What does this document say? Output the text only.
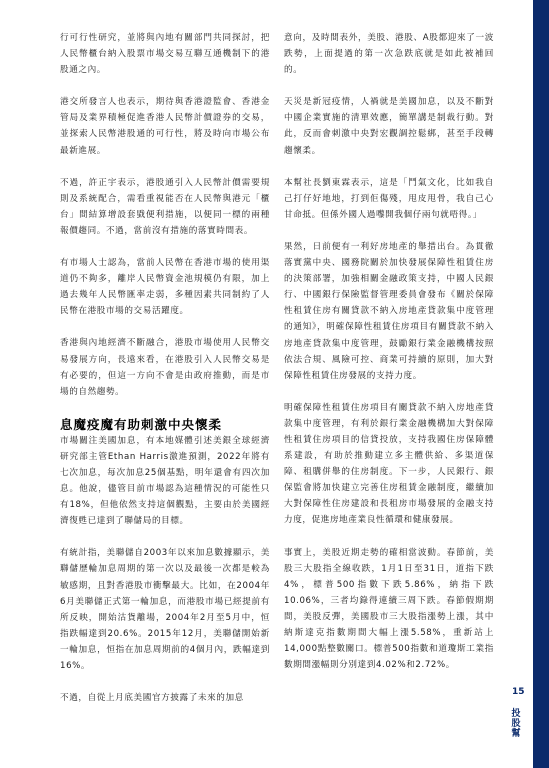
行可行性研究，並將與內地有關部門共同探討，把人民幣櫃台納入股票市場交易互聯互通機制下的港股通之內。

港交所發言人也表示，期待與香港證監會、香港金管局及業界積極促進香港人民幣計價證券的交易，並探索人民幣港股通的可行性，將及時向市場公布最新進展。

不過，許正宇表示，港股通引入人民幣計價需要規則及系統配合，需看重視能否在人民幣與港元「櫃台」間結算增設套戥便利措施，以便同一標的兩種報價趨同。不過，當前沒有措施的落實時間表。

有市場人士認為，當前人民幣在香港市場的使用渠道仍不夠多，離岸人民幣資金池規模仍有限，加上過去幾年人民幣匯率走弱，多種因素共同制約了人民幣在港股市場的交易活躍度。

香港與內地經濟不斷融合，港股市場使用人民幣交易發展方向，長遠來看，在港股引入人民幣交易是有必要的，但這一方向不會是由政府推動，而是市場的自然趨勢。

息魔疫魔有助刺激中央懷柔

市場關注美國加息，有本地媒體引述美銀全球經濟研究部主管Ethan Harris激進預測，2022年將有七次加息，每次加息25個基點，明年還會有四次加息。他說，儘管目前市場認為這種情況的可能性只有18%，但他依然支持這個觀點，主要由於美國經濟復甦已達到了聯儲局的目標。

有統計指，美聯儲自2003年以來加息數據顯示，美聯儲歷輪加息周期的第一次以及最後一次都是較為敏感期，且對香港股市衝擊最大。比如，在2004年6月美聯儲正式第一輪加息，而港股市場已經提前有所反映，開始沽貨離場，2004年2月至5月中，恒指跌幅達到20.6%。2015年12月，美聯儲開始新一輪加息，恒指在加息周期前的4個月內，跌幅達到16%。

不過，自從上月底美國官方披露了未來的加息

意向，及時間表外，美股、港股、A股都迎來了一波跌勢，上面提過的第一次急跌底就是如此被補回的。

天災是新冠疫情，人禍就是美國加息，以及不斷對中國企業實施的清單效應，簡單講是制裁行動。對此，反而會刺激中央對宏觀調控鬆綁，甚至手段轉趨懷柔。

本幫社長劉東霖表示，這是「鬥氣文化，比如我自己打仔好地地，打到佢傷殘，甩皮甩骨，我自己心甘命抵。但係外國人過嚟開我個仔兩句就唔得。」

果然，日前便有一利好房地產的舉措出台。為貫徹落實黨中央、國務院關於加快發展保障性租賃住房的決策部署，加強相關金融政策支持，中國人民銀行、中國銀行保險監督管理委員會發布《關於保障性租賃住房有關貸款不納入房地產貸款集中度管理的通知》，明確保障性租賃住房項目有關貸款不納入房地產貸款集中度管理，鼓勵銀行業金融機構按照依法合規、風險可控、商業可持續的原則，加大對保障性租賃住房發展的支持力度。

明確保障性租賃住房項目有關貸款不納入房地產貸款集中度管理，有利於銀行業金融機構加大對保障性租賃住房項目的信貸投放，支持我國住房保障體系建設，有助於推動建立多主體供給、多渠道保障、租購併舉的住房制度。下一步，人民銀行、銀保監會將加快建立完善住房租賃金融制度，繼續加大對保障性住房建設和長租房市場發展的金融支持力度，促進房地產業良性循環和健康發展。

事實上，美股近期走勢的確相當波動。春節前，美股三大股指全線收跌，1月1日至31日，道指下跌4%，標普500指數下跌5.86%，納指下跌10.06%，三者均錄得連續三周下跌。春節假期期間，美股反彈，美國股市三大股指漲勢上漲，其中納斯達克指數期間大幅上漲5.58%，重新站上14,000點整數關口。標普500指數和道瓊斯工業指數期間漲幅則分別達到4.02%和2.72%。

15
投股幫
